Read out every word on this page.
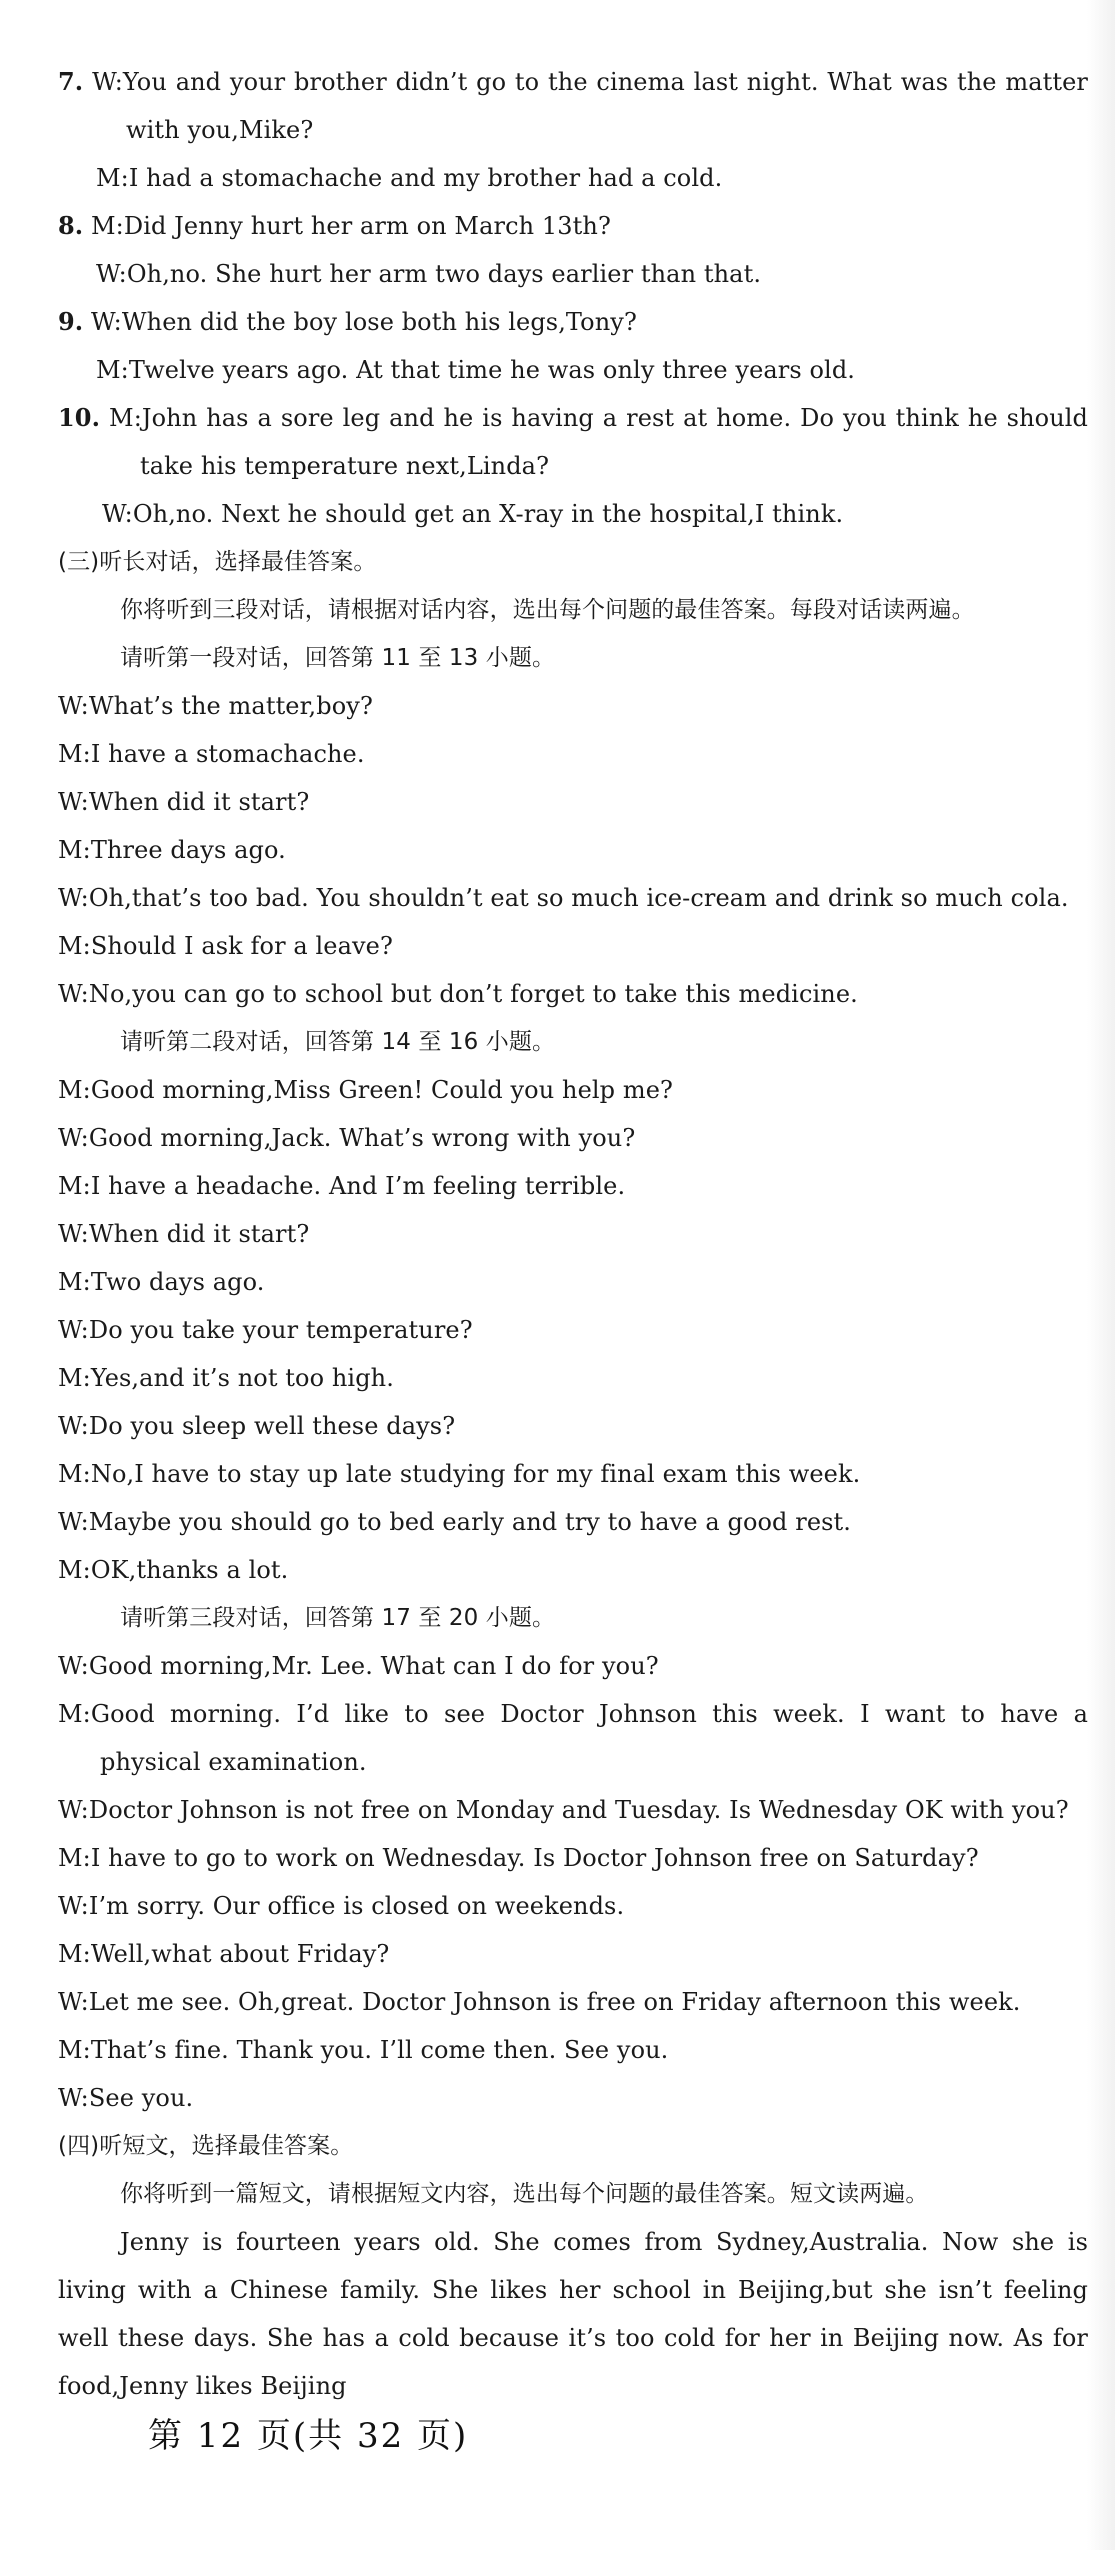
7. W:You and your brother didn’t go to the cinema last night. What was the matter with you,Mike?
M:I had a stomachache and my brother had a cold.
8. M:Did Jenny hurt her arm on March 13th?
W:Oh,no. She hurt her arm two days earlier than that.
9. W:When did the boy lose both his legs,Tony?
M:Twelve years ago. At that time he was only three years old.
10. M:John has a sore leg and he is having a rest at home. Do you think he should take his temperature next,Linda?
W:Oh,no. Next he should get an X-ray in the hospital,I think.
(三)听长对话，选择最佳答案。
你将听到三段对话，请根据对话内容，选出每个问题的最佳答案。每段对话读两遍。
请听第一段对话，回答第 11 至 13 小题。
W:What’s the matter,boy?
M:I have a stomachache.
W:When did it start?
M:Three days ago.
W:Oh,that’s too bad. You shouldn’t eat so much ice-cream and drink so much cola.
M:Should I ask for a leave?
W:No,you can go to school but don’t forget to take this medicine.
请听第二段对话，回答第 14 至 16 小题。
M:Good morning,Miss Green! Could you help me?
W:Good morning,Jack. What’s wrong with you?
M:I have a headache. And I’m feeling terrible.
W:When did it start?
M:Two days ago.
W:Do you take your temperature?
M:Yes,and it’s not too high.
W:Do you sleep well these days?
M:No,I have to stay up late studying for my final exam this week.
W:Maybe you should go to bed early and try to have a good rest.
M:OK,thanks a lot.
请听第三段对话，回答第 17 至 20 小题。
W:Good morning,Mr. Lee. What can I do for you?
M:Good morning. I’d like to see Doctor Johnson this week. I want to have a physical examination.
W:Doctor Johnson is not free on Monday and Tuesday. Is Wednesday OK with you?
M:I have to go to work on Wednesday. Is Doctor Johnson free on Saturday?
W:I’m sorry. Our office is closed on weekends.
M:Well,what about Friday?
W:Let me see. Oh,great. Doctor Johnson is free on Friday afternoon this week.
M:That’s fine. Thank you. I’ll come then. See you.
W:See you.
(四)听短文，选择最佳答案。
你将听到一篇短文，请根据短文内容，选出每个问题的最佳答案。短文读两遍。
Jenny is fourteen years old. She comes from Sydney,Australia. Now she is living with a Chinese family. She likes her school in Beijing,but she isn’t feeling well these days. She has a cold because it’s too cold for her in Beijing now. As for food,Jenny likes Beijing
第 12 页(共 32 页)
